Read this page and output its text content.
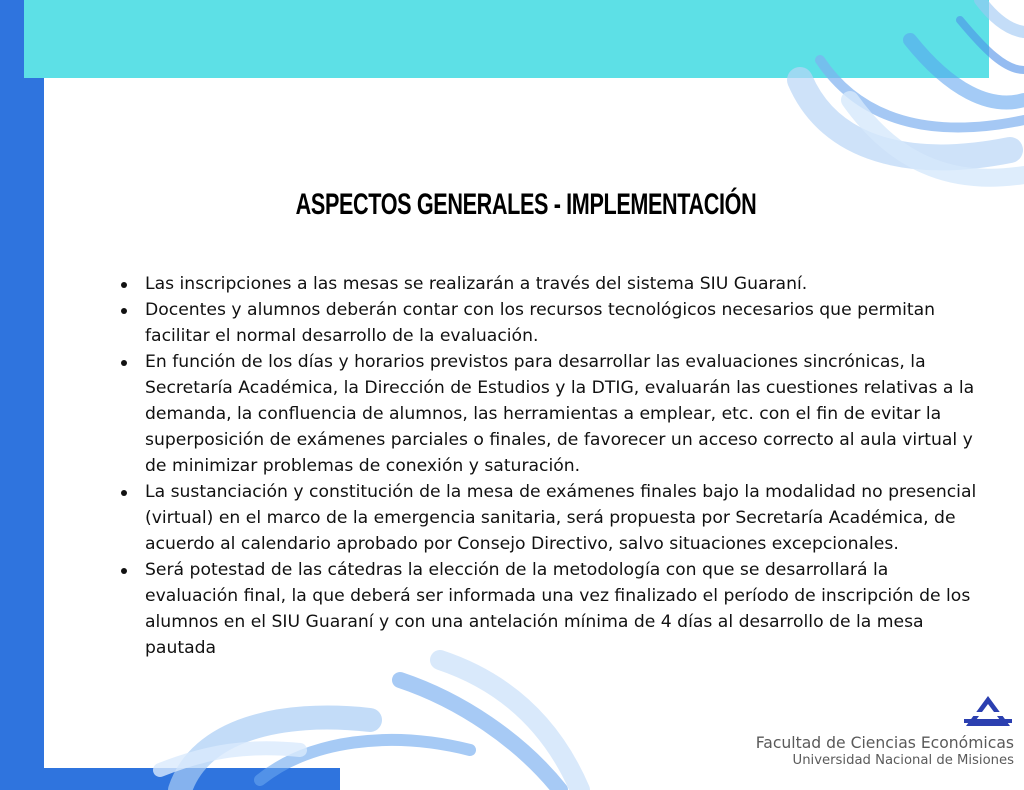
ASPECTOS GENERALES - IMPLEMENTACIÓN
Las inscripciones a las mesas se realizarán a través del sistema SIU Guaraní.
Docentes y alumnos deberán contar con los recursos tecnológicos necesarios que permitan facilitar el normal desarrollo de la evaluación.
En función de los días y horarios previstos para desarrollar las evaluaciones sincrónicas, la Secretaría Académica, la Dirección de Estudios y la DTIG, evaluarán las cuestiones relativas a la demanda, la confluencia de alumnos, las herramientas a emplear, etc. con el fin de evitar la superposición de exámenes parciales o finales, de favorecer un acceso correcto al aula virtual y de minimizar problemas de conexión y saturación.
La sustanciación y constitución de la mesa de exámenes finales bajo la modalidad no presencial (virtual) en el marco de la emergencia sanitaria, será propuesta por Secretaría Académica, de acuerdo al calendario aprobado por Consejo Directivo, salvo situaciones excepcionales.
Será potestad de las cátedras la elección de la metodología con que se desarrollará la evaluación final, la que deberá ser informada una vez finalizado el período de inscripción de los alumnos en el SIU Guaraní y con una antelación mínima de 4 días al desarrollo de la mesa pautada
Facultad de Ciencias Económicas
Universidad Nacional de Misiones
